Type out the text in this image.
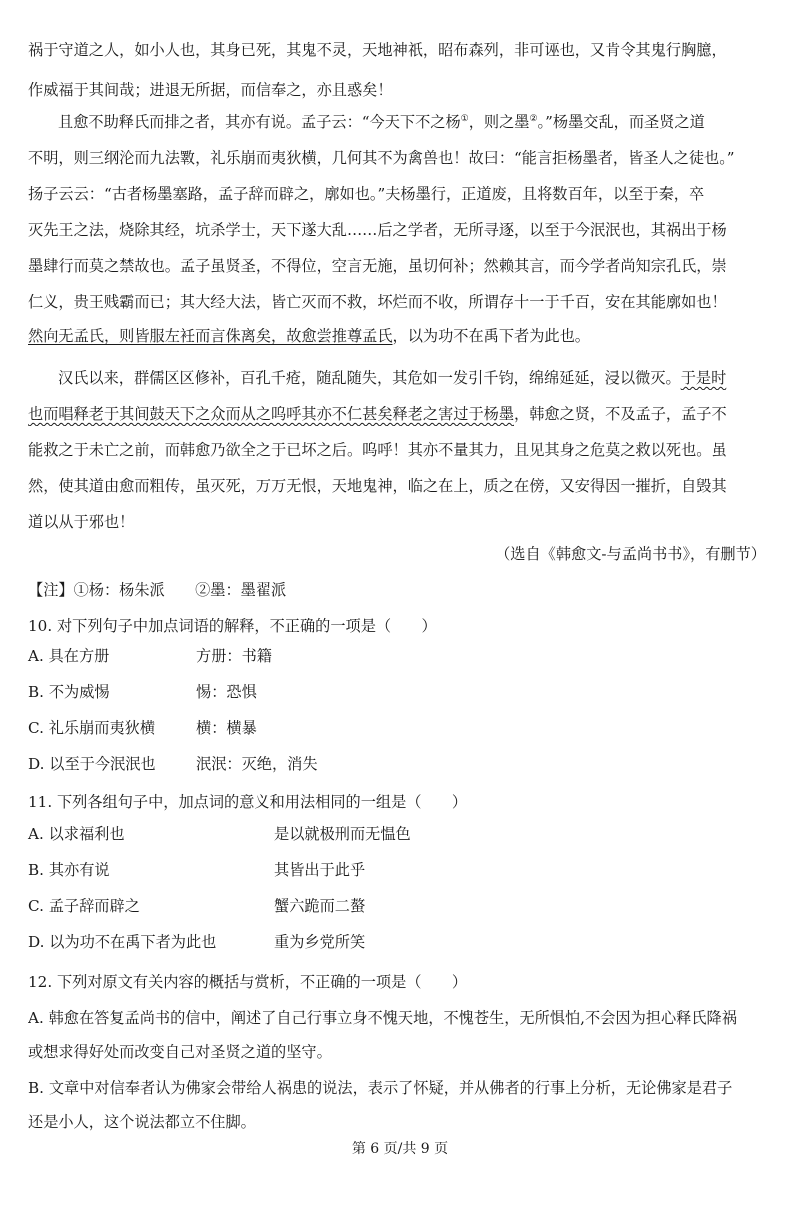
祸于守道之人，如小人也，其身已死，其鬼不灵，天地神祇，昭布森列，非可诬也，又肯令其鬼行胸臆，
作威福于其间哉；进退无所据，而信奉之，亦且惑矣！
且愈不助释氏而排之者，其亦有说。孟子云：“今天下不之杨①，则之墨②。”杨墨交乱，而圣贤之道
不明，则三纲沦而九法斁，礼乐崩而夷狄横，几何其不为禽兽也！故曰：“能言拒杨墨者，皆圣人之徒也。”
扬子云云：“古者杨墨塞路，孟子辞而辟之，廓如也。”夫杨墨行，正道废，且将数百年，以至于秦，卒
灭先王之法，烧除其经，坑杀学士，天下遂大乱……后之学者，无所寻逐，以至于今泯泯也，其祸出于杨
墨肆行而莫之禁故也。孟子虽贤圣，不得位，空言无施，虽切何补；然赖其言，而今学者尚知宗孔氏，崇
仁义，贵王贱霸而已；其大经大法，皆亡灭而不救，坏烂而不收，所谓存十一于千百，安在其能廓如也！
然向无孟氏，则皆服左衽而言侏离矣，故愈尝推尊孟氏，以为功不在禹下者为此也。
汉氏以来，群儒区区修补，百孔千疮，随乱随失，其危如一发引千钧，绵绵延延，浸以微灭。于是时
也而唱释老于其间鼓天下之众而从之呜呼其亦不仁甚矣释老之害过于杨墨，韩愈之贤，不及孟子，孟子不
能救之于未亡之前，而韩愈乃欲全之于已坏之后。呜呼！其亦不量其力，且见其身之危莫之救以死也。虽
然，使其道由愈而粗传，虽灭死，万万无恨，天地鬼神，临之在上，质之在傍，又安得因一摧折，自毁其
道以从于邪也！
（选自《韩愈文-与孟尚书书》，有删节）
【注】①杨：杨朱派　　②墨：墨翟派
10. 对下列句子中加点词语的解释，不正确的一项是（　　）
A. 具在方册	方册：书籍
B. 不为威惕	惕：恐惧
C. 礼乐崩而夷狄横	横：横暴
D. 以至于今泯泯也	泯泯：灭绝，消失
11. 下列各组句子中，加点词的意义和用法相同的一组是（　　）
A. 以求福利也	是以就极刑而无愠色
B. 其亦有说	其皆出于此乎
C. 孟子辞而辟之	蟹六跪而二螯
D. 以为功不在禹下者为此也	重为乡党所笑
12. 下列对原文有关内容的概括与赏析，不正确的一项是（　　）
A. 韩愈在答复孟尚书的信中，阐述了自己行事立身不愧天地，不愧苍生，无所惧怕,不会因为担心释氏降祸
或想求得好处而改变自己对圣贤之道的坚守。
B. 文章中对信奉者认为佛家会带给人祸患的说法，表示了怀疑，并从佛者的行事上分析，无论佛家是君子
还是小人，这个说法都立不住脚。
第 6 页/共 9 页
